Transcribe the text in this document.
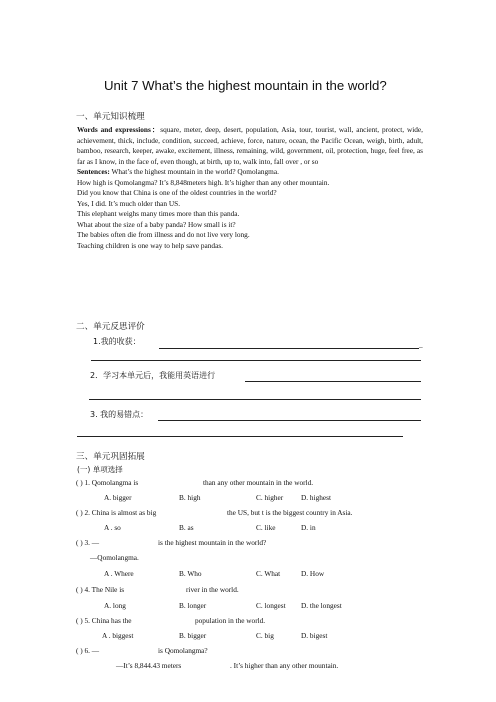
Unit 7 What’s the highest mountain in the world?
一、单元知识梳理
Words and expressions：square, meter, deep, desert, population, Asia, tour, tourist, wall, ancient, protect, wide, achievement, thick, include, condition, succeed, achieve, force, nature, ocean, the Pacific Ocean, weigh, birth, adult, bamboo, research, keeper, awake, excitement, illness, remaining, wild, government, oil, protection, huge, feel free, as far as I know, in the face of, even though, at birth, up to, walk into, fall over , or so
Sentences: What’s the highest mountain in the world? Qomolangma.
How high is Qomolangma? It’s 8,848meters high. It’s higher than any other mountain.
Did you know that China is one of the oldest countries in the world?
Yes, I did. It’s much older than US.
This elephant weighs many times more than this panda.
What about the size of a baby panda? How small is it?
The babies often die from illness and do not live very long.
Teaching children is one way to help save pandas.
二、单元反思评价
1.我的收获：	_
2．学习本单元后，我能用英语进行
3. 我的易错点：
三、单元巩固拓展
(一) 单项选择
( ) 1. Qomolangma is	than any other mountain in the world.
A. bigger	B. high	C. higher D. highest
( ) 2. China is almost as big	the US, but t is the biggest country in Asia.
A . so	B. as	C. like	D. in
( ) 3. —	is the highest mountain in the world?
—Qomolangma.
A . Where	B. Who	C. What	D. How
( ) 4. The Nile is	river in the world.
A. long	B. longer	C. longest D. the longest
( ) 5. China has the	population in the world.
A . biggest	B. bigger	C. big	D. bigest
( ) 6. —	is Qomolangma?
—It’s 8,844.43 meters	. It’s higher than any other mountain.
